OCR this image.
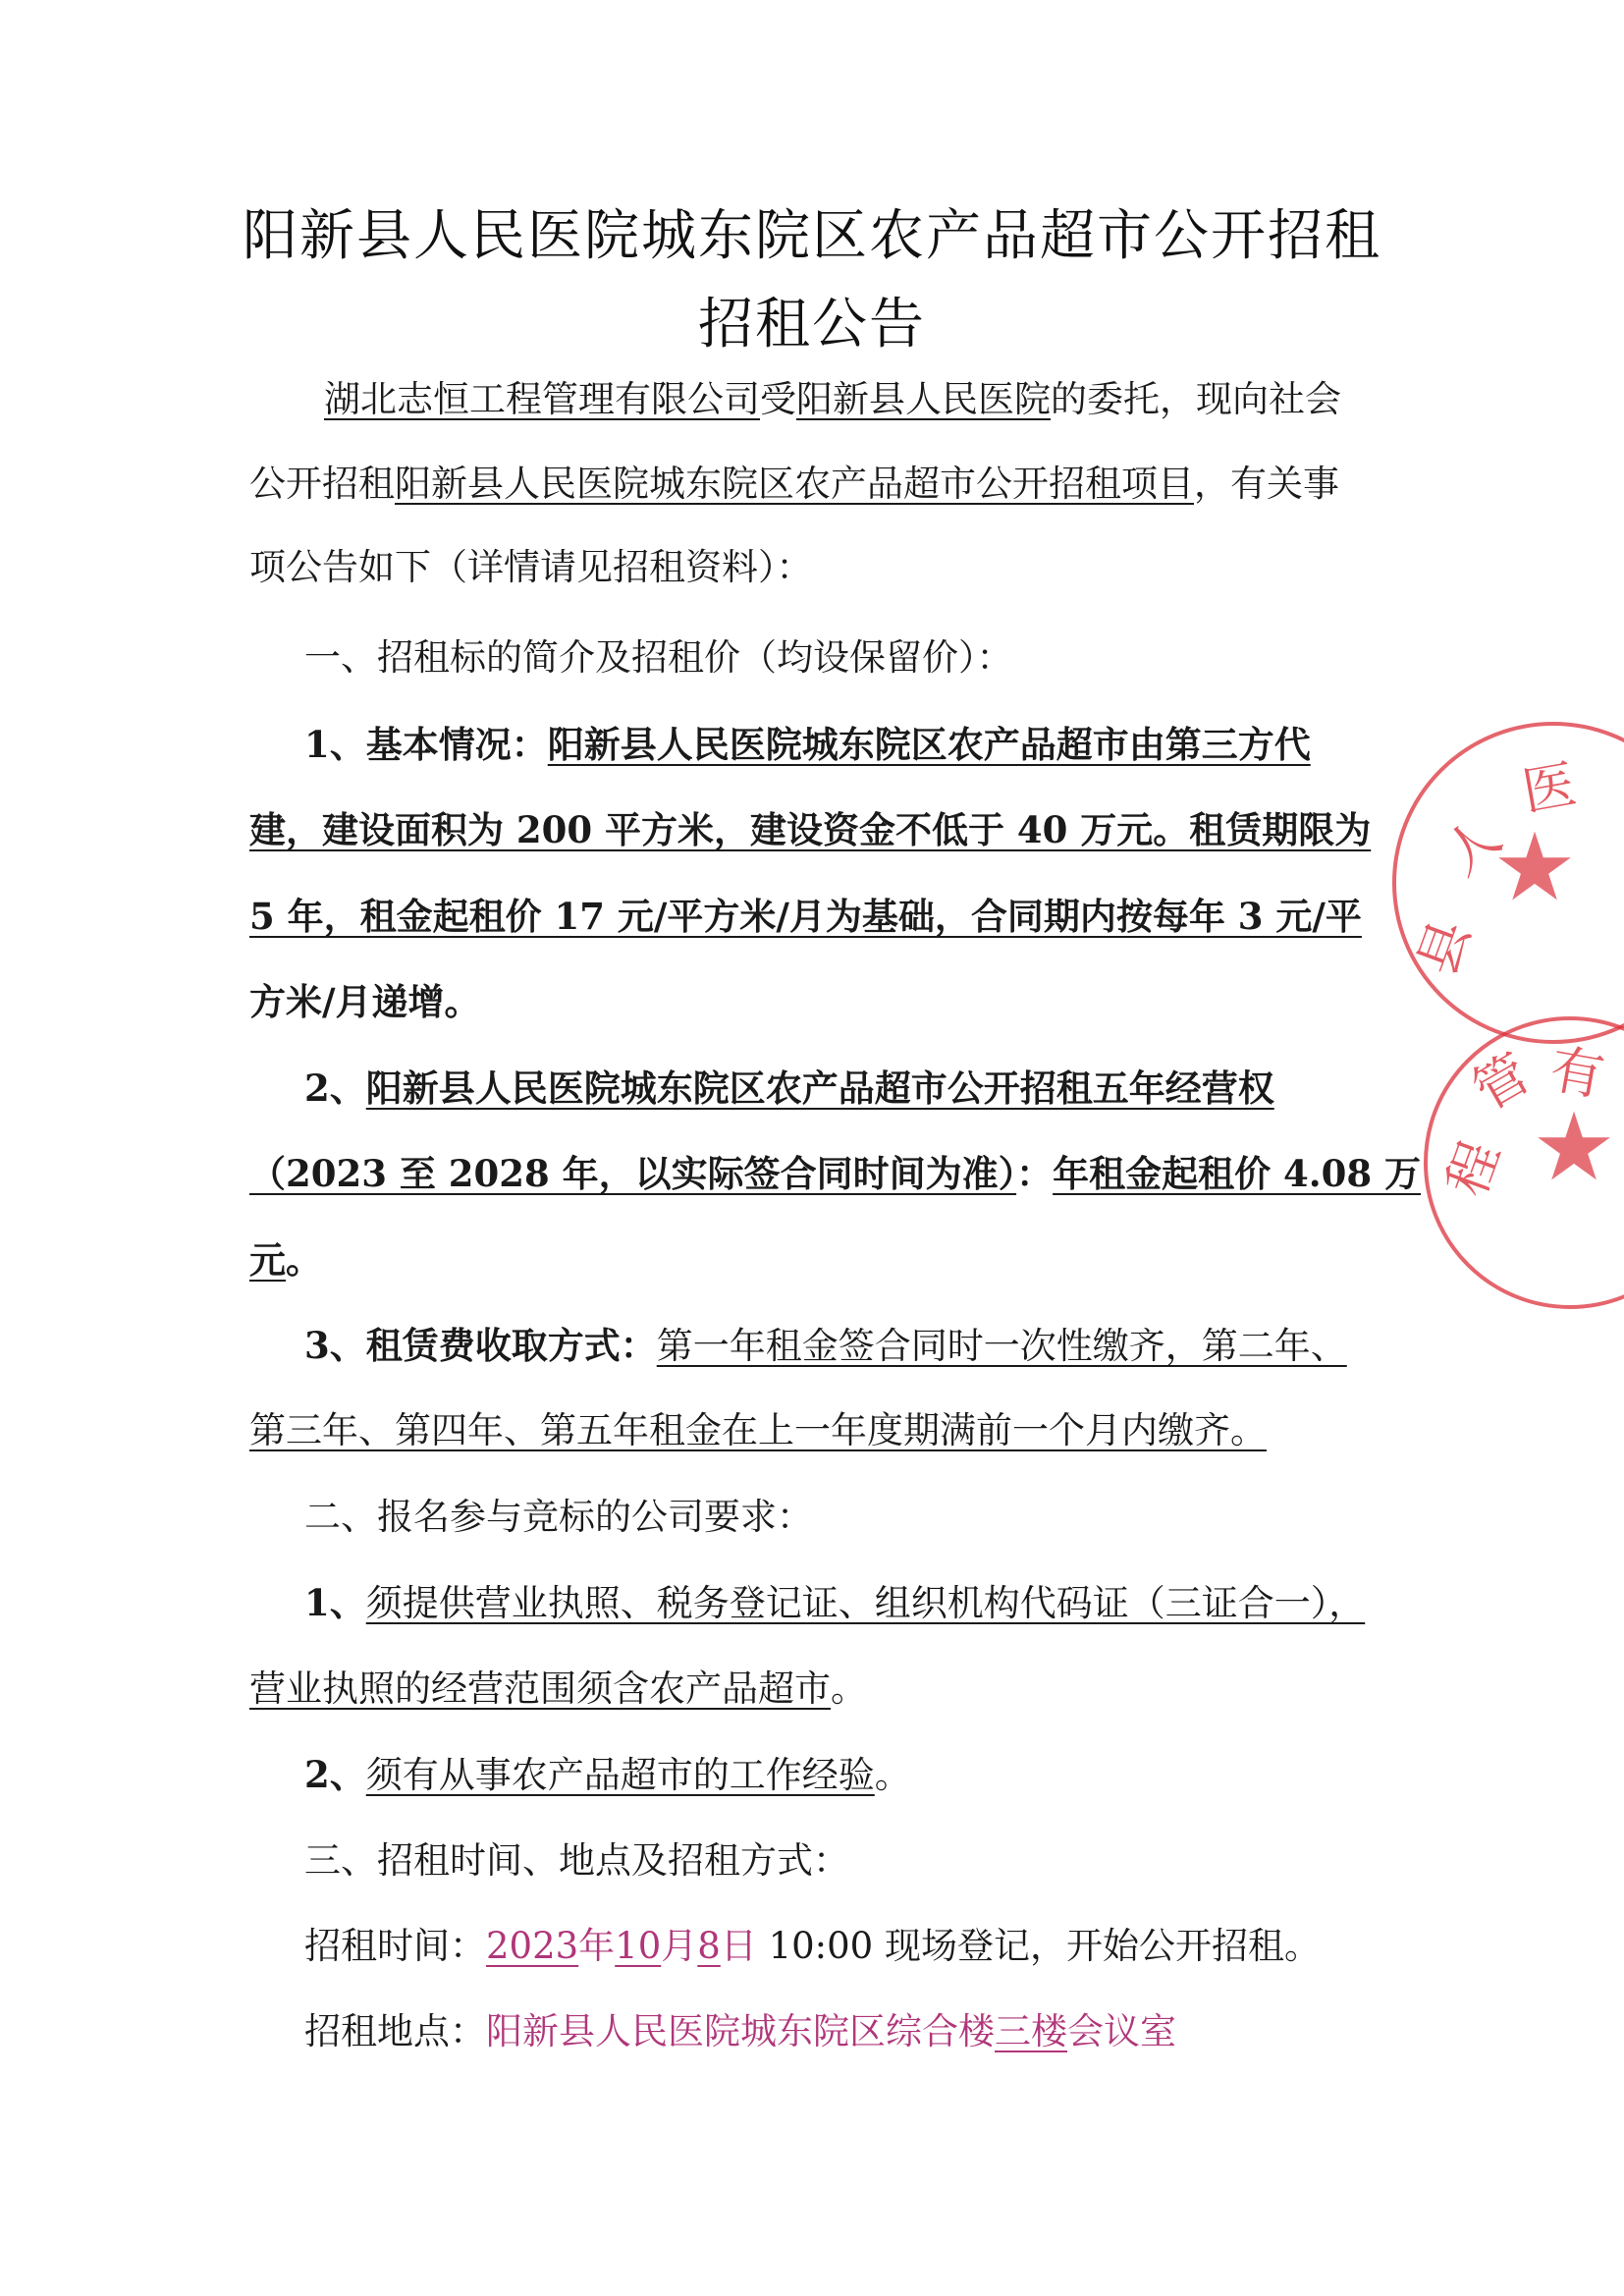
阳新县人民医院城东院区农产品超市公开招租
招租公告
湖北志恒工程管理有限公司受阳新县人民医院的委托，现向社会
公开招租阳新县人民医院城东院区农产品超市公开招租项目，有关事
项公告如下（详情请见招租资料）：
一、招租标的简介及招租价（均设保留价）：
1、基本情况：阳新县人民医院城东院区农产品超市由第三方代
建，建设面积为 200 平方米，建设资金不低于 40 万元。租赁期限为
5 年，租金起租价 17 元/平方米/月为基础，合同期内按每年 3 元/平
方米/月递增。
2、阳新县人民医院城东院区农产品超市公开招租五年经营权
（2023 至 2028 年，以实际签合同时间为准）：年租金起租价 4.08 万
元。
3、租赁费收取方式：第一年租金签合同时一次性缴齐，第二年、
第三年、第四年、第五年租金在上一年度期满前一个月内缴齐。
二、报名参与竞标的公司要求：
1、须提供营业执照、税务登记证、组织机构代码证（三证合一），
营业执照的经营范围须含农产品超市。
2、须有从事农产品超市的工作经验。
三、招租时间、地点及招租方式：
招租时间：2023年10月8日 10:00 现场登记，开始公开招租。
招租地点：阳新县人民医院城东院区综合楼三楼会议室
★
人
医
县
★
管
程
有
